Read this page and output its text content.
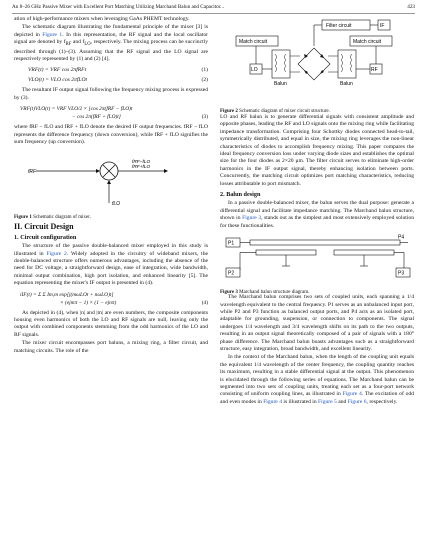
An 8–26 GHz Passive Mixer with Excellent Port Matching Utilizing Marchand Balun and Capacitor...	423

ation of high-performance mixers when leveraging GaAs PHEMT technology.

The schematic diagram illustrating the fundamental principle of the mixer [3] is depicted in Figure 1. In this representation, the RF signal and the local oscillator signal are denoted by $f_{RF}$ and $f_{LO}$, respectively. The mixing process can be succinctly described through (1)–(3). Assuming that the RF signal and the LO signal are respectively represented by (1) and (2) [4].

VRF(t) = VRF cos 2πfRFt	(1)
VLO(t) = VLO cos 2πfLOt	(2)

The resultant IF output signal following the frequency mixing process is expressed by (3).

VRF(t)VLO(t) = VRF VLO/2 × [cos 2π(fRF − fLO)t
− cos 2π(fRF + fLO)t]	(3)

where fRF − fLO and fRF + fLO denote the desired IF output frequencies. fRF − fLO represents the difference frequency (down conversion), while fRF + fLO signifies the sum frequency (up conversion).

fRF
fLO
fRF−fLO
fRF+fLO
Figure 1 Schematic diagram of mixer.
II. Circuit Design
1. Circuit configuration

The structure of the passive double-balanced mixer employed in this study is illustrated in Figure 2. Widely adopted in the circuitry of wideband mixers, the double-balanced structure offers numerous advantages, including the absence of the need for DC voltage, a straightforward design, ease of integration, wide bandwidth, minimal output combination, high port isolation, and enhanced linearity [5]. The equation representing the mixer's IF output is presented in (4).

iIF(t) = Σ Σ Im,m exp[j(mωLOt + nωLO)t]
× (ejmπ − 1) × (1 − ejnπ)	(4)

As depicted in (4), when |n| and |m| are even numbers, the composite components housing even harmonics of both the LO and RF signals are null, leaving only the output with combined components stemming from the odd harmonics of the LO and RF signals.

The mixer circuit encompasses port baluns, a mixing ring, a filter circuit, and matching circuits. The role of the

Filter circuit	IF
Match circuit	Match circuit
LO	RF
Balun	Balun
Figure 2 Schematic diagram of mixer circuit structure.

LO and RF balun is to generate differential signals with consistent amplitude and opposite phases, leading the RF and LO signals onto the mixing ring while facilitating impedance transformation. Comprising four Schottky diodes connected head-to-tail, symmetrically distributed, and equal in size, the mixing ring leverages the non-linear characteristics of diodes to accomplish frequency mixing. This paper compares the ideal frequency conversion loss under varying diode sizes and establishes the optimal size for the four diodes as 2×20 μm. The filter circuit serves to eliminate high-order harmonics in the IF output signal, thereby enhancing isolation between ports. Concurrently, the matching circuit optimizes port matching characteristics, reducing losses attributable to port mismatch.

2. Balun design

In a passive double-balanced mixer, the balun serves the dual purpose: generate a differential signal and facilitate impedance matching. The Marchand balun structure, shown in Figure 3, stands out as the simplest and most extensively employed solution for these functionalities.

P1
P2	P3
P4
Figure 3 Marchand balun structure diagram.

The Marchand balun comprises two sets of coupled units, each spanning a 1/4 wavelength equivalent to the central frequency. P1 serves as an unbalanced input port, while P2 and P3 function as balanced output ports, and P4 acts as an isolated port, adaptable for grounding, suspension, or connection to components. The signal undergoes 1/4 wavelength and 3/4 wavelength shifts on its path to the two outputs, resulting in an output signal theoretically composed of a pair of signals with a 180° phase difference. The Marchand balun boasts advantages such as a straightforward structure, easy integration, broad bandwidth, and excellent linearity.

In the context of the Marchand balun, when the length of the coupling unit equals the equivalent 1/4 wavelength of the center frequency, the coupling quantity reaches its maximum, resulting in a stable differential signal at the output. This phenomenon is elucidated through the following series of equations. The Marchand balun can be segmented into two sets of coupling units, treating each set as a four-port network consisting of uniform coupling lines, as illustrated in Figure 4. The excitation of odd and even modes in Figure 4 is illustrated in Figure 5 and Figure 6, respectively.
